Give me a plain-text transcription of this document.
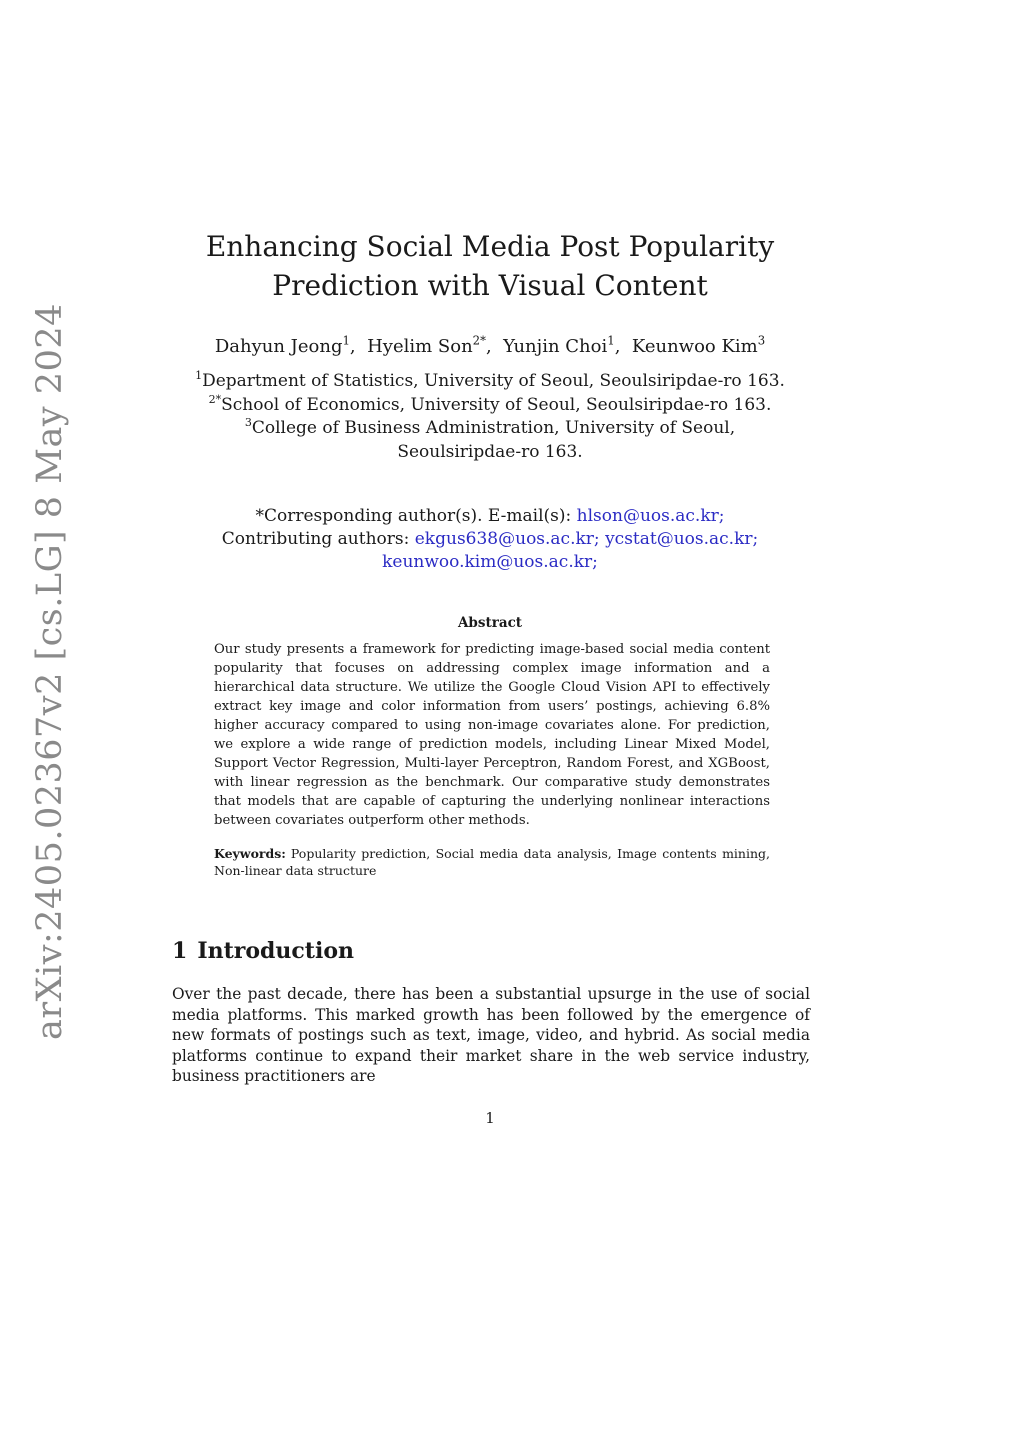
arXiv:2405.02367v2 [cs.LG] 8 May 2024
Enhancing Social Media Post Popularity
Prediction with Visual Content
Dahyun Jeong$^1$,  Hyelim Son$^{2*}$,  Yunjin Choi$^1$,  Keunwoo Kim$^3$
$^1$Department of Statistics, University of Seoul, Seoulsiripdae-ro 163.
$^{2*}$School of Economics, University of Seoul, Seoulsiripdae-ro 163.
$^3$College of Business Administration, University of Seoul,
Seoulsiripdae-ro 163.
*Corresponding author(s). E-mail(s): hlson@uos.ac.kr;
Contributing authors: ekgus638@uos.ac.kr; ycstat@uos.ac.kr;
keunwoo.kim@uos.ac.kr;
Abstract

Our study presents a framework for predicting image-based social media content popularity that focuses on addressing complex image information and a hierarchical data structure. We utilize the Google Cloud Vision API to effectively extract key image and color information from users’ postings, achieving 6.8% higher accuracy compared to using non-image covariates alone. For prediction, we explore a wide range of prediction models, including Linear Mixed Model, Support Vector Regression, Multi-layer Perceptron, Random Forest, and XGBoost, with linear regression as the benchmark. Our comparative study demonstrates that models that are capable of capturing the underlying nonlinear interactions between covariates outperform other methods.

Keywords: Popularity prediction, Social media data analysis, Image contents mining, Non-linear data structure
1 Introduction

Over the past decade, there has been a substantial upsurge in the use of social media platforms. This marked growth has been followed by the emergence of new formats of postings such as text, image, video, and hybrid. As social media platforms continue to expand their market share in the web service industry, business practitioners are

1
